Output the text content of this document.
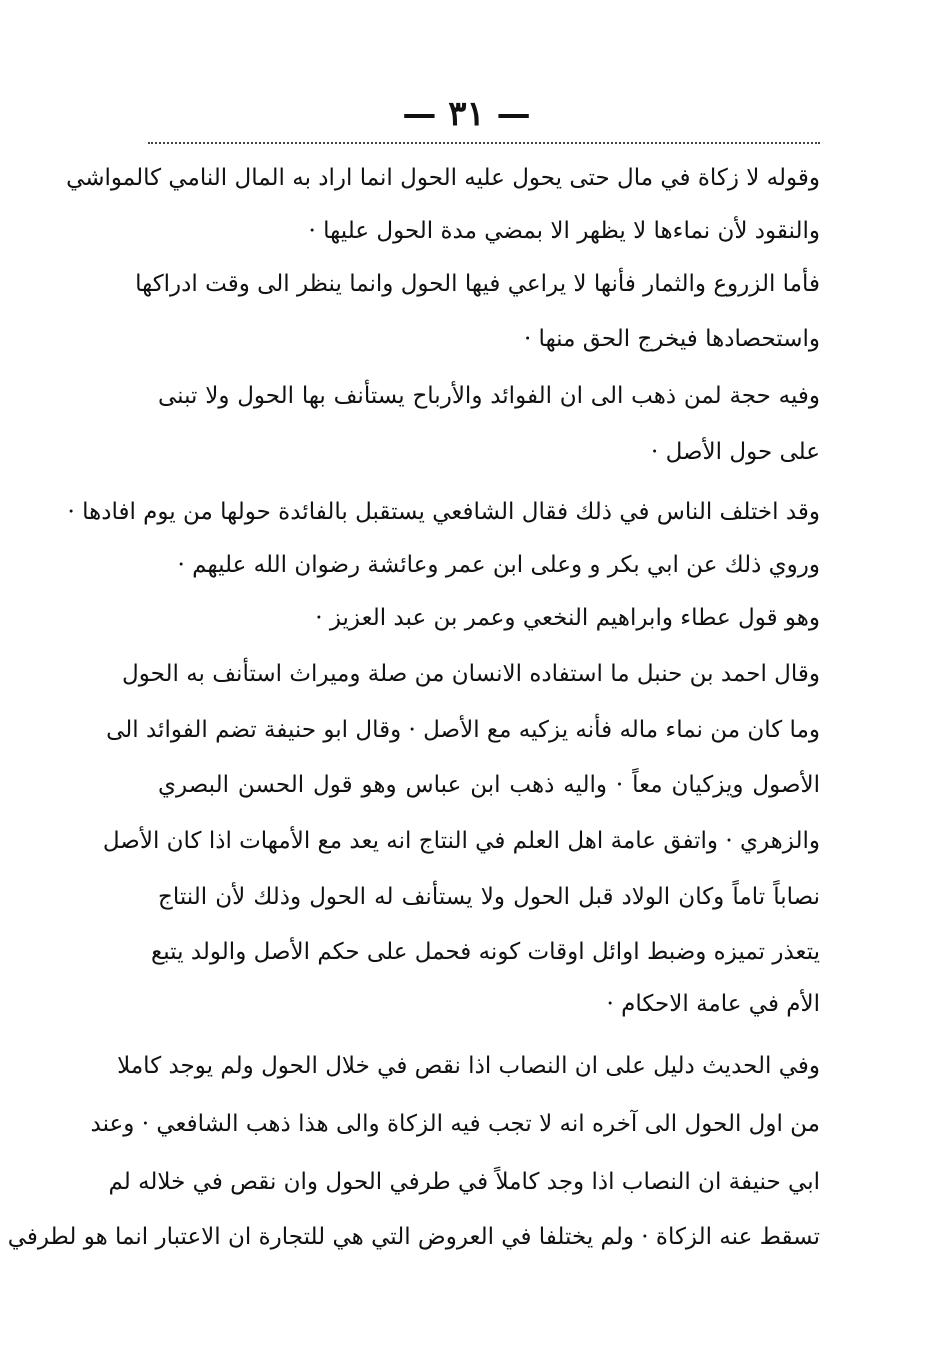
— ٣١ —
وقوله لا زكاة في مال حتى يحول عليه الحول انما اراد به المال النامي كالمواشي
والنقود لأن نماءها لا يظهر الا بمضي مدة الحول عليها ·
فأما الزروع والثمار فأنها لا يراعي فيها الحول وانما ينظر الى وقت ادراكها
واستحصادها فيخرج الحق منها ·
وفيه حجة لمن ذهب الى ان الفوائد والأرباح يستأنف بها الحول ولا تبنى
على حول الأصل ·
وقد اختلف الناس في ذلك فقال الشافعي يستقبل بالفائدة حولها من يوم افادها ·
وروي ذلك عن ابي بكر و وعلى ابن عمر وعائشة رضوان الله عليهم ·
وهو قول عطاء وابراهيم النخعي وعمر بن عبد العزيز ·
وقال احمد بن حنبل ما استفاده الانسان من صلة وميراث استأنف به الحول
وما كان من نماء ماله فأنه يزكيه مع الأصل · وقال ابو حنيفة تضم الفوائد الى
الأصول ويزكيان معاً · واليه ذهب ابن عباس وهو قول الحسن البصري
والزهري · واتفق عامة اهل العلم في النتاج انه يعد مع الأمهات اذا كان الأصل
نصاباً تاماً وكان الولاد قبل الحول ولا يستأنف له الحول وذلك لأن النتاج
يتعذر تميزه وضبط اوائل اوقات كونه فحمل على حكم الأصل والولد يتبع
الأم في عامة الاحكام ·
وفي الحديث دليل على ان النصاب اذا نقص في خلال الحول ولم يوجد كاملا
من اول الحول الى آخره انه لا تجب فيه الزكاة والى هذا ذهب الشافعي · وعند
ابي حنيفة ان النصاب اذا وجد كاملاً في طرفي الحول وان نقص في خلاله لم
تسقط عنه الزكاة · ولم يختلفا في العروض التي هي للتجارة ان الاعتبار انما هو لطرفي
